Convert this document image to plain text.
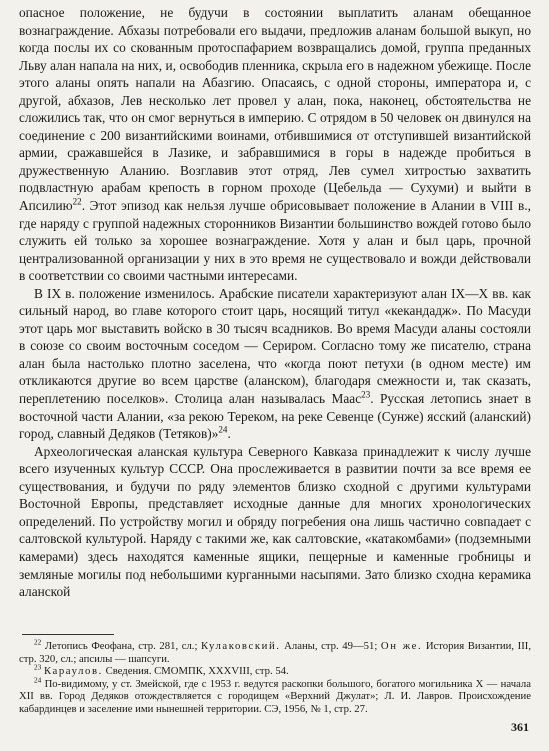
опасное положение, не будучи в состоянии выплатить аланам обещанное вознаграждение. Абхазы потребовали его выдачи, предложив аланам большой выкуп, но когда послы их со скованным протоспафарием возвращались домой, группа преданных Льву алан напала на них, и, освободив пленника, скрыла его в надежном убежище. После этого аланы опять напали на Абазгию. Опасаясь, с одной стороны, императора и, с другой, абхазов, Лев несколько лет провел у алан, пока, наконец, обстоятельства не сложились так, что он смог вернуться в империю. С отрядом в 50 человек он двинулся на соединение с 200 византийскими воинами, отбившимися от отступившей византийской армии, сражавшейся в Лазике, и забравшимися в горы в надежде пробиться в дружественную Аланию. Возглавив этот отряд, Лев сумел хитростью захватить подвластную арабам крепость в горном проходе (Цебельда — Сухуми) и выйти в Апсилию$^{22}$. Этот эпизод как нельзя лучше обрисовывает положение в Алании в VIII в., где наряду с группой надежных сторонников Византии большинство вождей готово было служить ей только за хорошее вознаграждение. Хотя у алан и был царь, прочной централизованной организации у них в это время не существовало и вожди действовали в соответствии со своими частными интересами.

В IX в. положение изменилось. Арабские писатели характеризуют алан IX—X вв. как сильный народ, во главе которого стоит царь, носящий титул «кекандадж». По Масуди этот царь мог выставить войско в 30 тысяч всадников. Во время Масуди аланы состояли в союзе со своим восточным соседом — Сериром. Согласно тому же писателю, страна алан была настолько плотно заселена, что «когда поют петухи (в одном месте) им откликаются другие во всем царстве (аланском), благодаря смежности и, так сказать, переплетению поселков». Столица алан называлась Маас$^{23}$. Русская летопись знает в восточной части Алании, «за рекою Тереком, на реке Севенце (Сунже) ясский (аланский) город, славный Дедяков (Тетяков)»$^{24}$.

Археологическая аланская культура Северного Кавказа принадлежит к числу лучше всего изученных культур СССР. Она прослеживается в развитии почти за все время ее существования, и будучи по ряду элементов близко сходной с другими культурами Восточной Европы, представляет исходные данные для многих хронологических определений. По устройству могил и обряду погребения она лишь частично совпадает с салтовской культурой. Наряду с такими же, как салтовские, «катакомбами» (подземными камерами) здесь находятся каменные ящики, пещерные и каменные гробницы и земляные могилы под небольшими курганными насыпями. Зато близко сходна керамика аланской

$^{22}$ Летопись Феофана, стр. 281, сл.; Кулаковский. Аланы, стр. 49—51; Он же. История Византии, III, стр. 320, сл.; апсилы — шапсуги.

$^{23}$ Караулов. Сведения. СМОМПК, XXXVIII, стр. 54.

$^{24}$ По-видимому, у ст. Змейской, где с 1953 г. ведутся раскопки большого, богатого могильника X — начала XII вв. Город Дедяков отождествляется с городищем «Верхний Джулат»; Л. И. Лавров. Происхождение кабардинцев и заселение ими нынешней территории. СЭ, 1956, № 1, стр. 27.

361
